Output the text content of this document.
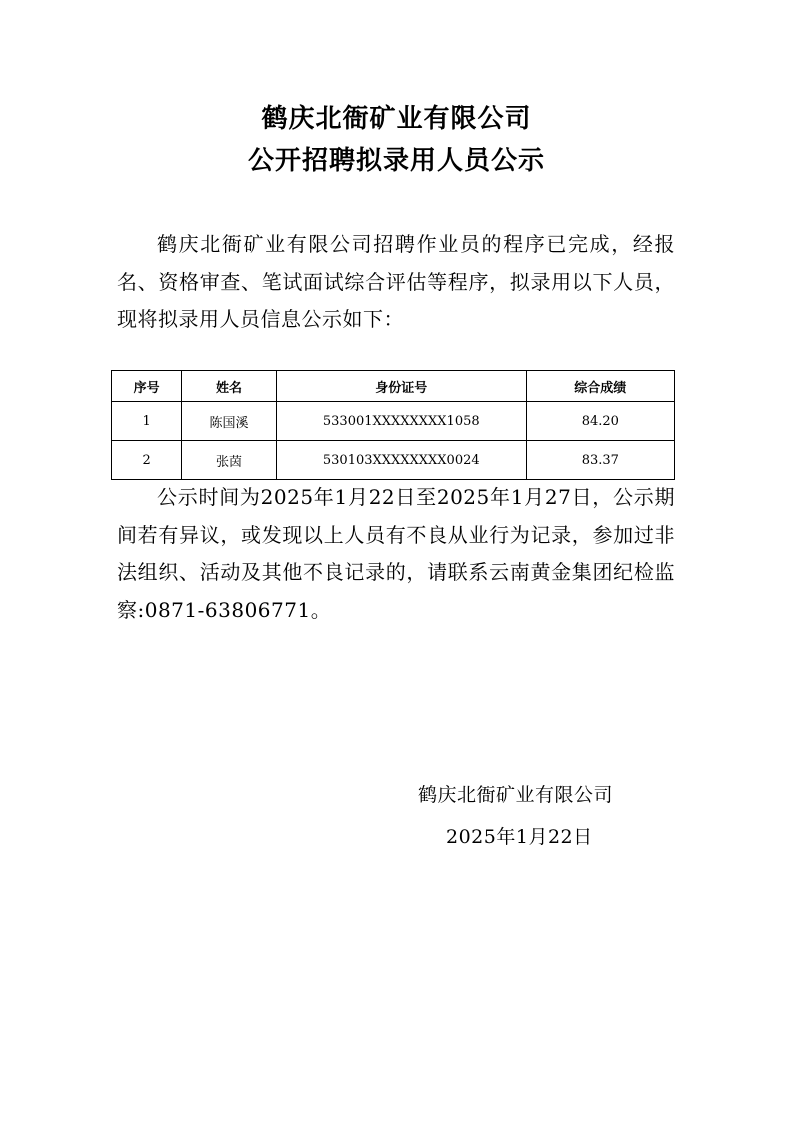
鹤庆北衙矿业有限公司
公开招聘拟录用人员公示

鹤庆北衙矿业有限公司招聘作业员的程序已完成，经报名、资格审查、笔试面试综合评估等程序，拟录用以下人员，现将拟录用人员信息公示如下：

序号	姓名	身份证号	综合成绩
1	陈国溪	533001XXXXXXXX1058	84.20
2	张茵	530103XXXXXXXX0024	83.37

公示时间为2025年1月22日至2025年1月27日，公示期间若有异议，或发现以上人员有不良从业行为记录，参加过非法组织、活动及其他不良记录的，请联系云南黄金集团纪检监察:0871-63806771。

鹤庆北衙矿业有限公司
2025年1月22日
